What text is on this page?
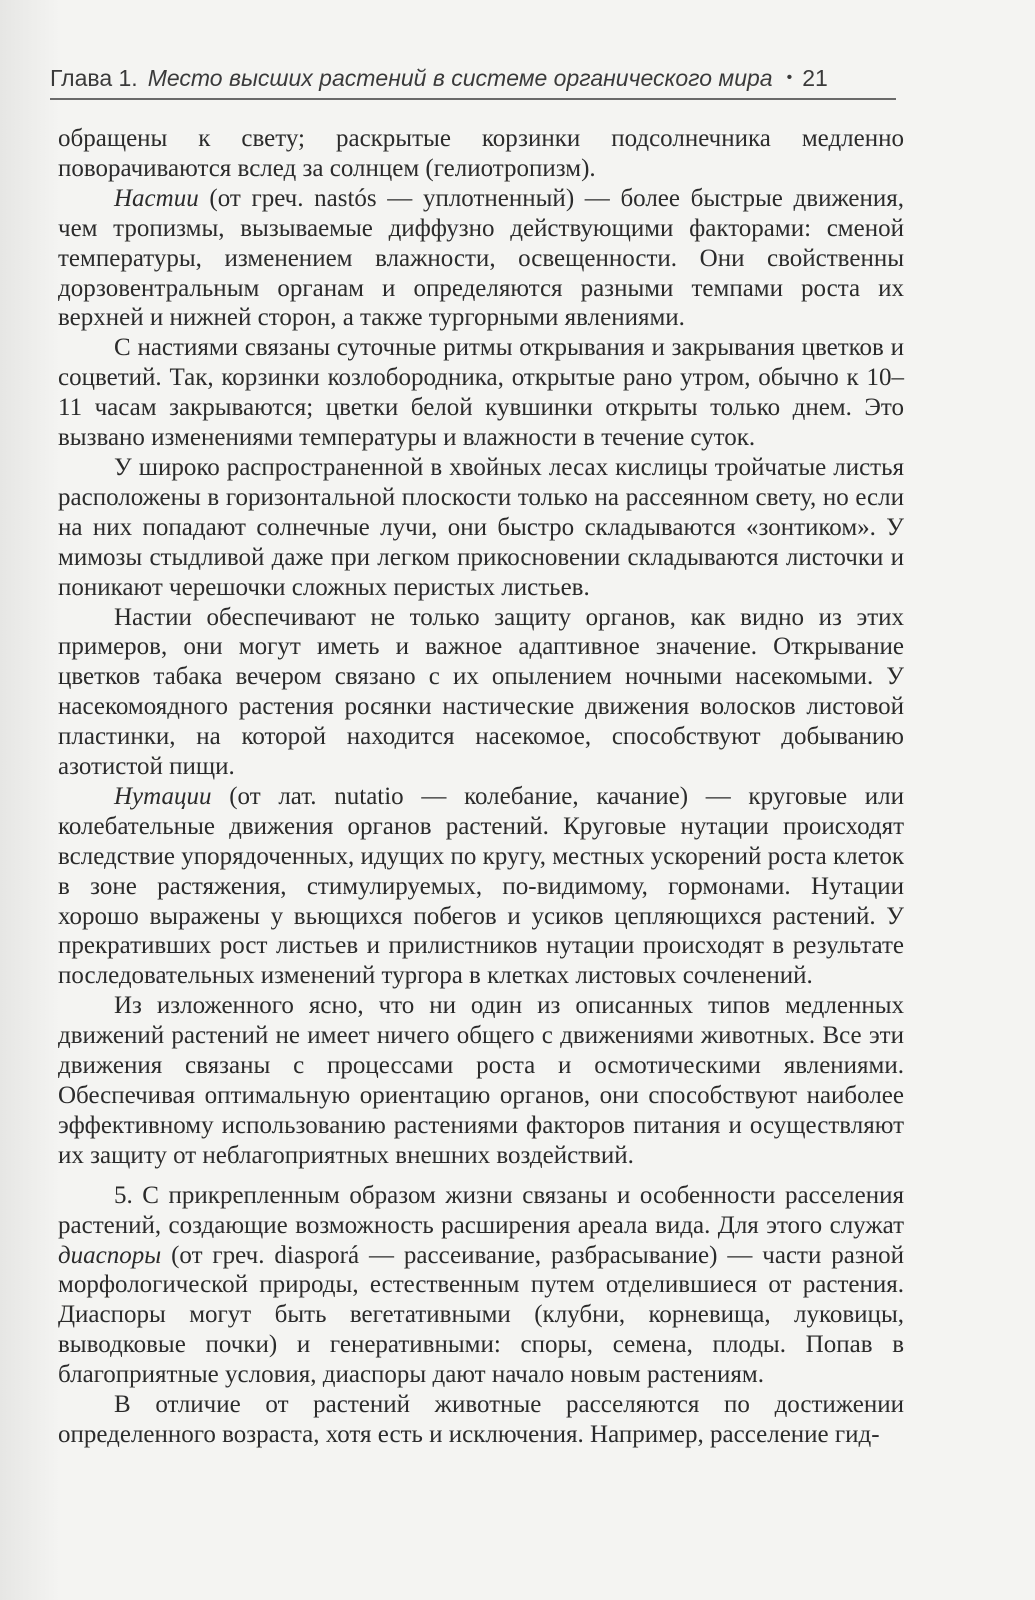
Глава 1. Место высших растений в системе органического мира • 21

обращены к свету; раскрытые корзинки подсолнечника медленно поворачиваются вслед за солнцем (гелиотропизм).

Настии (от греч. nastós — уплотненный) — более быстрые движения, чем тропизмы, вызываемые диффузно действующими факторами: сменой температуры, изменением влажности, освещенности. Они свойственны дорзовентральным органам и определяются разными темпами роста их верхней и нижней сторон, а также тургорными явлениями.

С настиями связаны суточные ритмы открывания и закрывания цветков и соцветий. Так, корзинки козлобородника, открытые рано утром, обычно к 10–11 часам закрываются; цветки белой кувшинки открыты только днем. Это вызвано изменениями температуры и влажности в течение суток.

У широко распространенной в хвойных лесах кислицы тройчатые листья расположены в горизонтальной плоскости только на рассеянном свету, но если на них попадают солнечные лучи, они быстро складываются «зонтиком». У мимозы стыдливой даже при легком прикосновении складываются листочки и поникают черешочки сложных перистых листьев.

Настии обеспечивают не только защиту органов, как видно из этих примеров, они могут иметь и важное адаптивное значение. Открывание цветков табака вечером связано с их опылением ночными насекомыми. У насекомоядного растения росянки настические движения волосков листовой пластинки, на которой находится насекомое, способствуют добыванию азотистой пищи.

Нутации (от лат. nutatio — колебание, качание) — круговые или колебательные движения органов растений. Круговые нутации происходят вследствие упорядоченных, идущих по кругу, местных ускорений роста клеток в зоне растяжения, стимулируемых, по-видимому, гормонами. Нутации хорошо выражены у вьющихся побегов и усиков цепляющихся растений. У прекративших рост листьев и прилистников нутации происходят в результате последовательных изменений тургора в клетках листовых сочленений.

Из изложенного ясно, что ни один из описанных типов медленных движений растений не имеет ничего общего с движениями животных. Все эти движения связаны с процессами роста и осмотическими явлениями. Обеспечивая оптимальную ориентацию органов, они способствуют наиболее эффективному использованию растениями факторов питания и осуществляют их защиту от неблагоприятных внешних воздействий.

5. С прикрепленным образом жизни связаны и особенности расселения растений, создающие возможность расширения ареала вида. Для этого служат диаспоры (от греч. diasporá — рассеивание, разбрасывание) — части разной морфологической природы, естественным путем отделившиеся от растения. Диаспоры могут быть вегетативными (клубни, корневища, луковицы, выводковые почки) и генеративными: споры, семена, плоды. Попав в благоприятные условия, диаспоры дают начало новым растениям.

В отличие от растений животные расселяются по достижении определенного возраста, хотя есть и исключения. Например, расселение гид-
